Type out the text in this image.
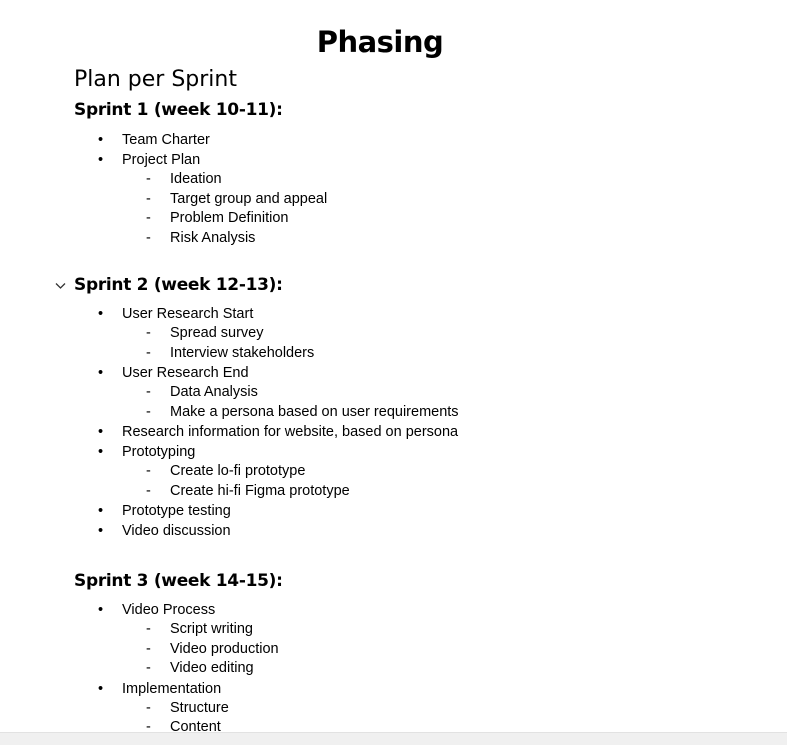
Phasing
Plan per Sprint
Sprint 1 (week 10-11):
• Team Charter
• Project Plan
- Ideation
- Target group and appeal
- Problem Definition
- Risk Analysis
Sprint 2 (week 12-13):
• User Research Start
- Spread survey
- Interview stakeholders
• User Research End
- Data Analysis
- Make a persona based on user requirements
• Research information for website, based on persona
• Prototyping
- Create lo-fi prototype
- Create hi-fi Figma prototype
• Prototype testing
• Video discussion
Sprint 3 (week 14-15):
• Video Process
- Script writing
- Video production
- Video editing
• Implementation
- Structure
- Content
